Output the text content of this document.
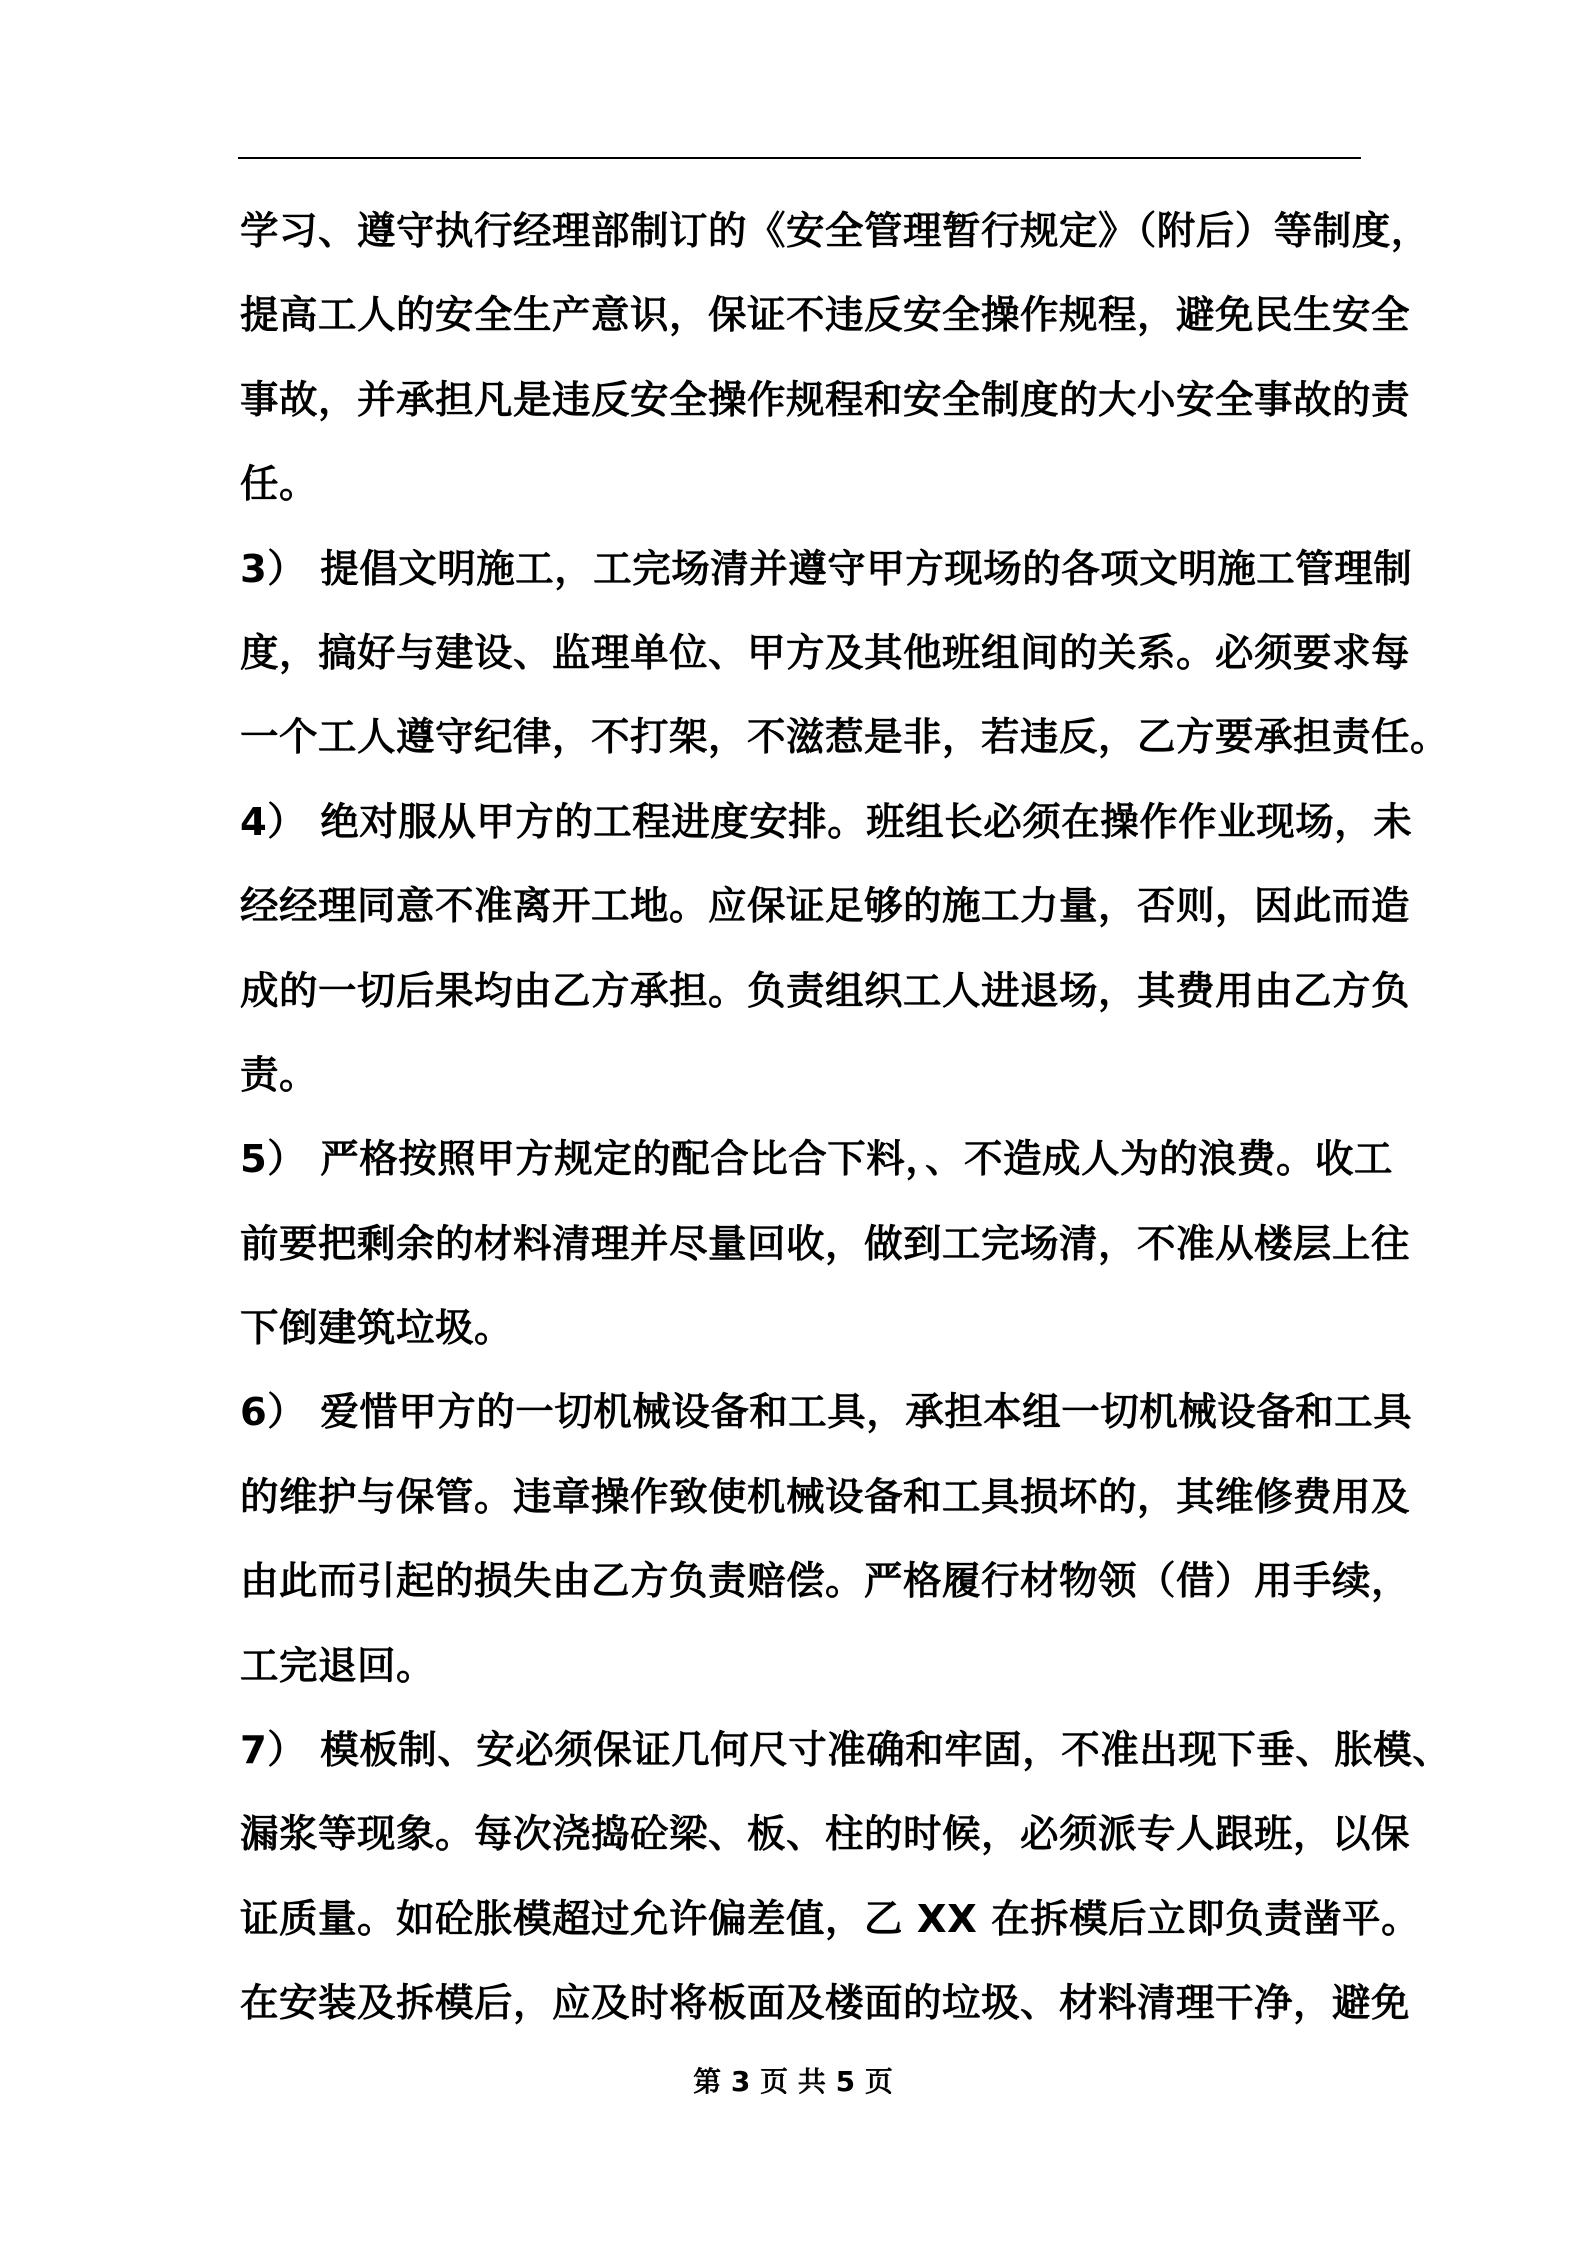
学习、遵守执行经理部制订的《安全管理暂行规定》（附后）等制度，
提高工人的安全生产意识，保证不违反安全操作规程，避免民生安全
事故，并承担凡是违反安全操作规程和安全制度的大小安全事故的责
任。
3） 提倡文明施工，工完场清并遵守甲方现场的各项文明施工管理制
度，搞好与建设、监理单位、甲方及其他班组间的关系。必须要求每
一个工人遵守纪律，不打架，不滋惹是非，若违反，乙方要承担责任。
4） 绝对服从甲方的工程进度安排。班组长必须在操作作业现场，未
经经理同意不准离开工地。应保证足够的施工力量，否则，因此而造
成的一切后果均由乙方承担。负责组织工人进退场，其费用由乙方负
责。
5） 严格按照甲方规定的配合比合下料，、不造成人为的浪费。收工
前要把剩余的材料清理并尽量回收，做到工完场清，不准从楼层上往
下倒建筑垃圾。
6） 爱惜甲方的一切机械设备和工具，承担本组一切机械设备和工具
的维护与保管。违章操作致使机械设备和工具损坏的，其维修费用及
由此而引起的损失由乙方负责赔偿。严格履行材物领（借）用手续，
工完退回。
7） 模板制、安必须保证几何尺寸准确和牢固，不准出现下垂、胀模、
漏浆等现象。每次浇捣砼梁、板、柱的时候，必须派专人跟班，以保
证质量。如砼胀模超过允许偏差值，乙 XX 在拆模后立即负责凿平。
在安装及拆模后，应及时将板面及楼面的垃圾、材料清理干净，避免
第 3 页 共 5 页
